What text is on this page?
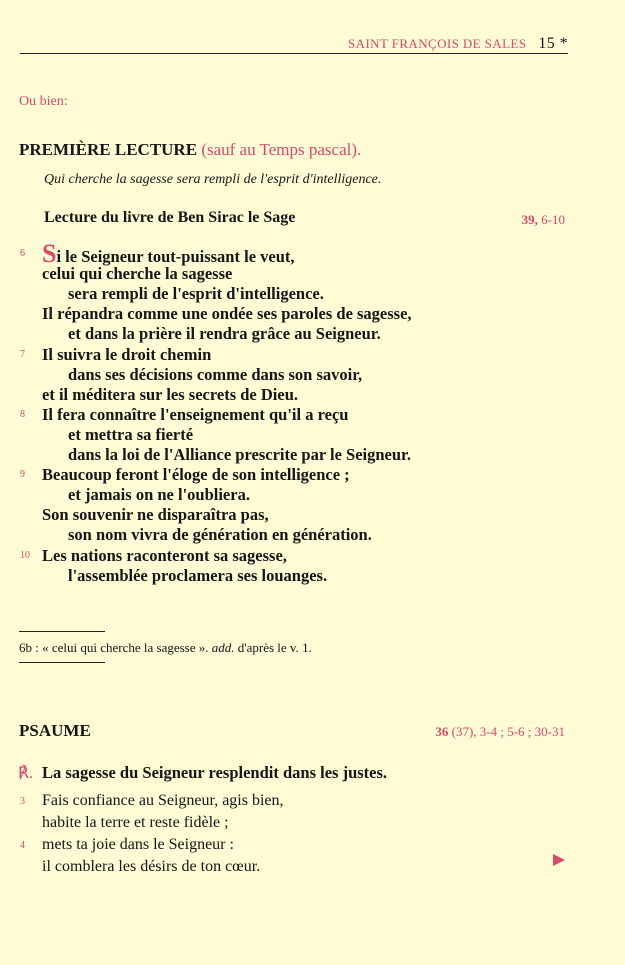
SAINT FRANÇOIS DE SALES 15 *
Ou bien:
PREMIÈRE LECTURE (sauf au Temps pascal).
Qui cherche la sagesse sera rempli de l'esprit d'intelligence.
Lecture du livre de Ben Sirac le Sage	39, 6-10
6 Si le Seigneur tout-puissant le veut,
celui qui cherche la sagesse
sera rempli de l'esprit d'intelligence.
Il répandra comme une ondée ses paroles de sagesse,
et dans la prière il rendra grâce au Seigneur.
7 Il suivra le droit chemin
dans ses décisions comme dans son savoir,
et il méditera sur les secrets de Dieu.
8 Il fera connaître l'enseignement qu'il a reçu
et mettra sa fierté
dans la loi de l'Alliance prescrite par le Seigneur.
9 Beaucoup feront l'éloge de son intelligence ;
et jamais on ne l'oubliera.
Son souvenir ne disparaîtra pas,
son nom vivra de génération en génération.
10 Les nations raconteront sa sagesse,
l'assemblée proclamera ses louanges.
6b : « celui qui cherche la sagesse ». add. d'après le v. 1.
PSAUME	36 (37), 3-4 ; 5-6 ; 30-31
℟. La sagesse du Seigneur resplendit dans les justes.
3 Fais confiance au Seigneur, agis bien,
habite la terre et reste fidèle ;
4 mets ta joie dans le Seigneur :
il comblera les désirs de ton cœur.
